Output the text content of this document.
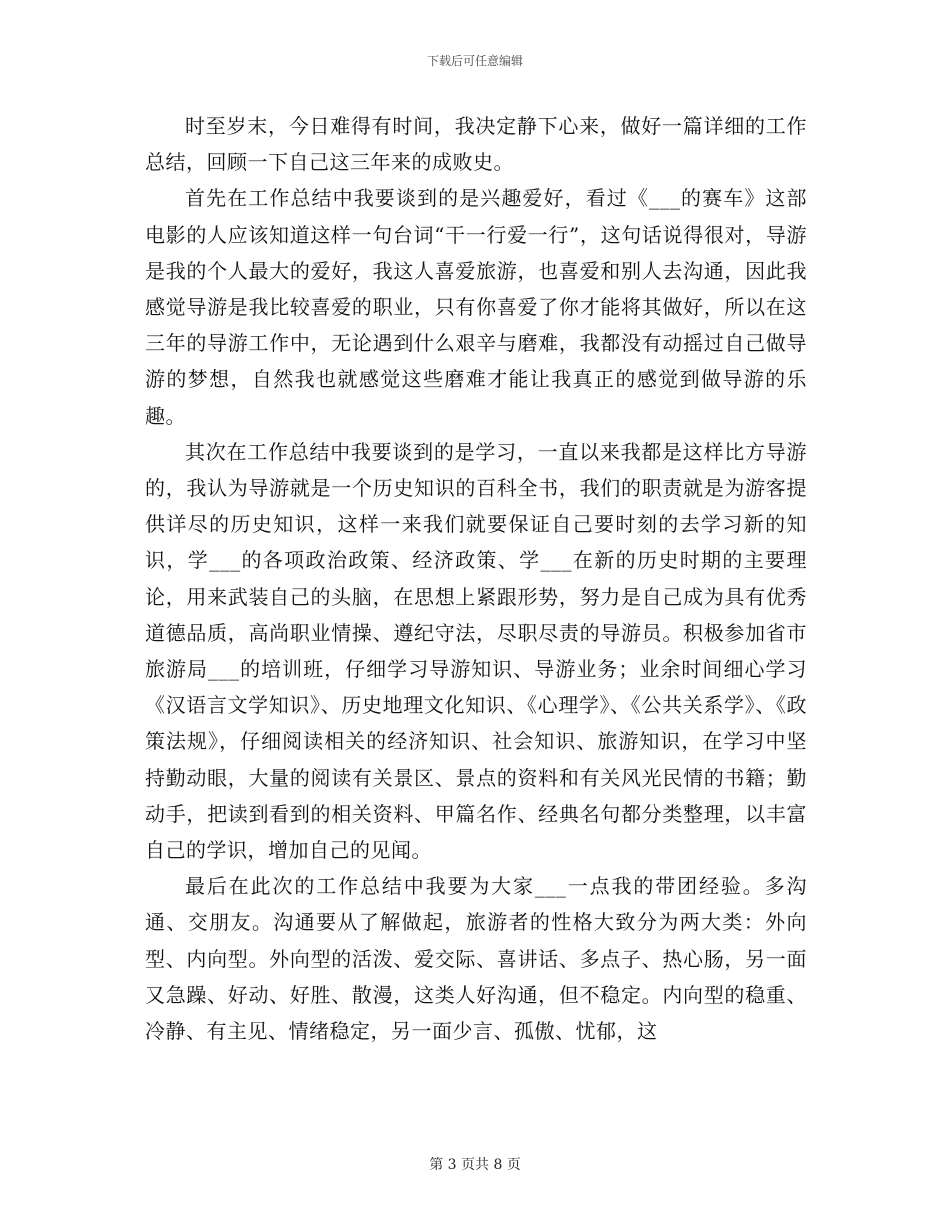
下载后可任意编辑

时至岁末，今日难得有时间，我决定静下心来，做好一篇详细的工作总结，回顾一下自己这三年来的成败史。

首先在工作总结中我要谈到的是兴趣爱好，看过《___的赛车》这部电影的人应该知道这样一句台词“干一行爱一行”，这句话说得很对，导游是我的个人最大的爱好，我这人喜爱旅游，也喜爱和别人去沟通，因此我感觉导游是我比较喜爱的职业，只有你喜爱了你才能将其做好，所以在这三年的导游工作中，无论遇到什么艰辛与磨难，我都没有动摇过自己做导游的梦想，自然我也就感觉这些磨难才能让我真正的感觉到做导游的乐趣。

其次在工作总结中我要谈到的是学习，一直以来我都是这样比方导游的，我认为导游就是一个历史知识的百科全书，我们的职责就是为游客提供详尽的历史知识，这样一来我们就要保证自己要时刻的去学习新的知识，学___的各项政治政策、经济政策、学___在新的历史时期的主要理论，用来武装自己的头脑，在思想上紧跟形势，努力是自己成为具有优秀道德品质，高尚职业情操、遵纪守法，尽职尽责的导游员。积极参加省市旅游局___的培训班，仔细学习导游知识、导游业务；业余时间细心学习《汉语言文学知识》、历史地理文化知识、《心理学》、《公共关系学》、《政策法规》，仔细阅读相关的经济知识、社会知识、旅游知识，在学习中坚持勤动眼，大量的阅读有关景区、景点的资料和有关风光民情的书籍；勤动手，把读到看到的相关资料、甲篇名作、经典名句都分类整理，以丰富自己的学识，增加自己的见闻。

最后在此次的工作总结中我要为大家___一点我的带团经验。多沟通、交朋友。沟通要从了解做起，旅游者的性格大致分为两大类：外向型、内向型。外向型的活泼、爱交际、喜讲话、多点子、热心肠，另一面又急躁、好动、好胜、散漫，这类人好沟通，但不稳定。内向型的稳重、冷静、有主见、情绪稳定，另一面少言、孤傲、忧郁，这

第 3 页共 8 页
